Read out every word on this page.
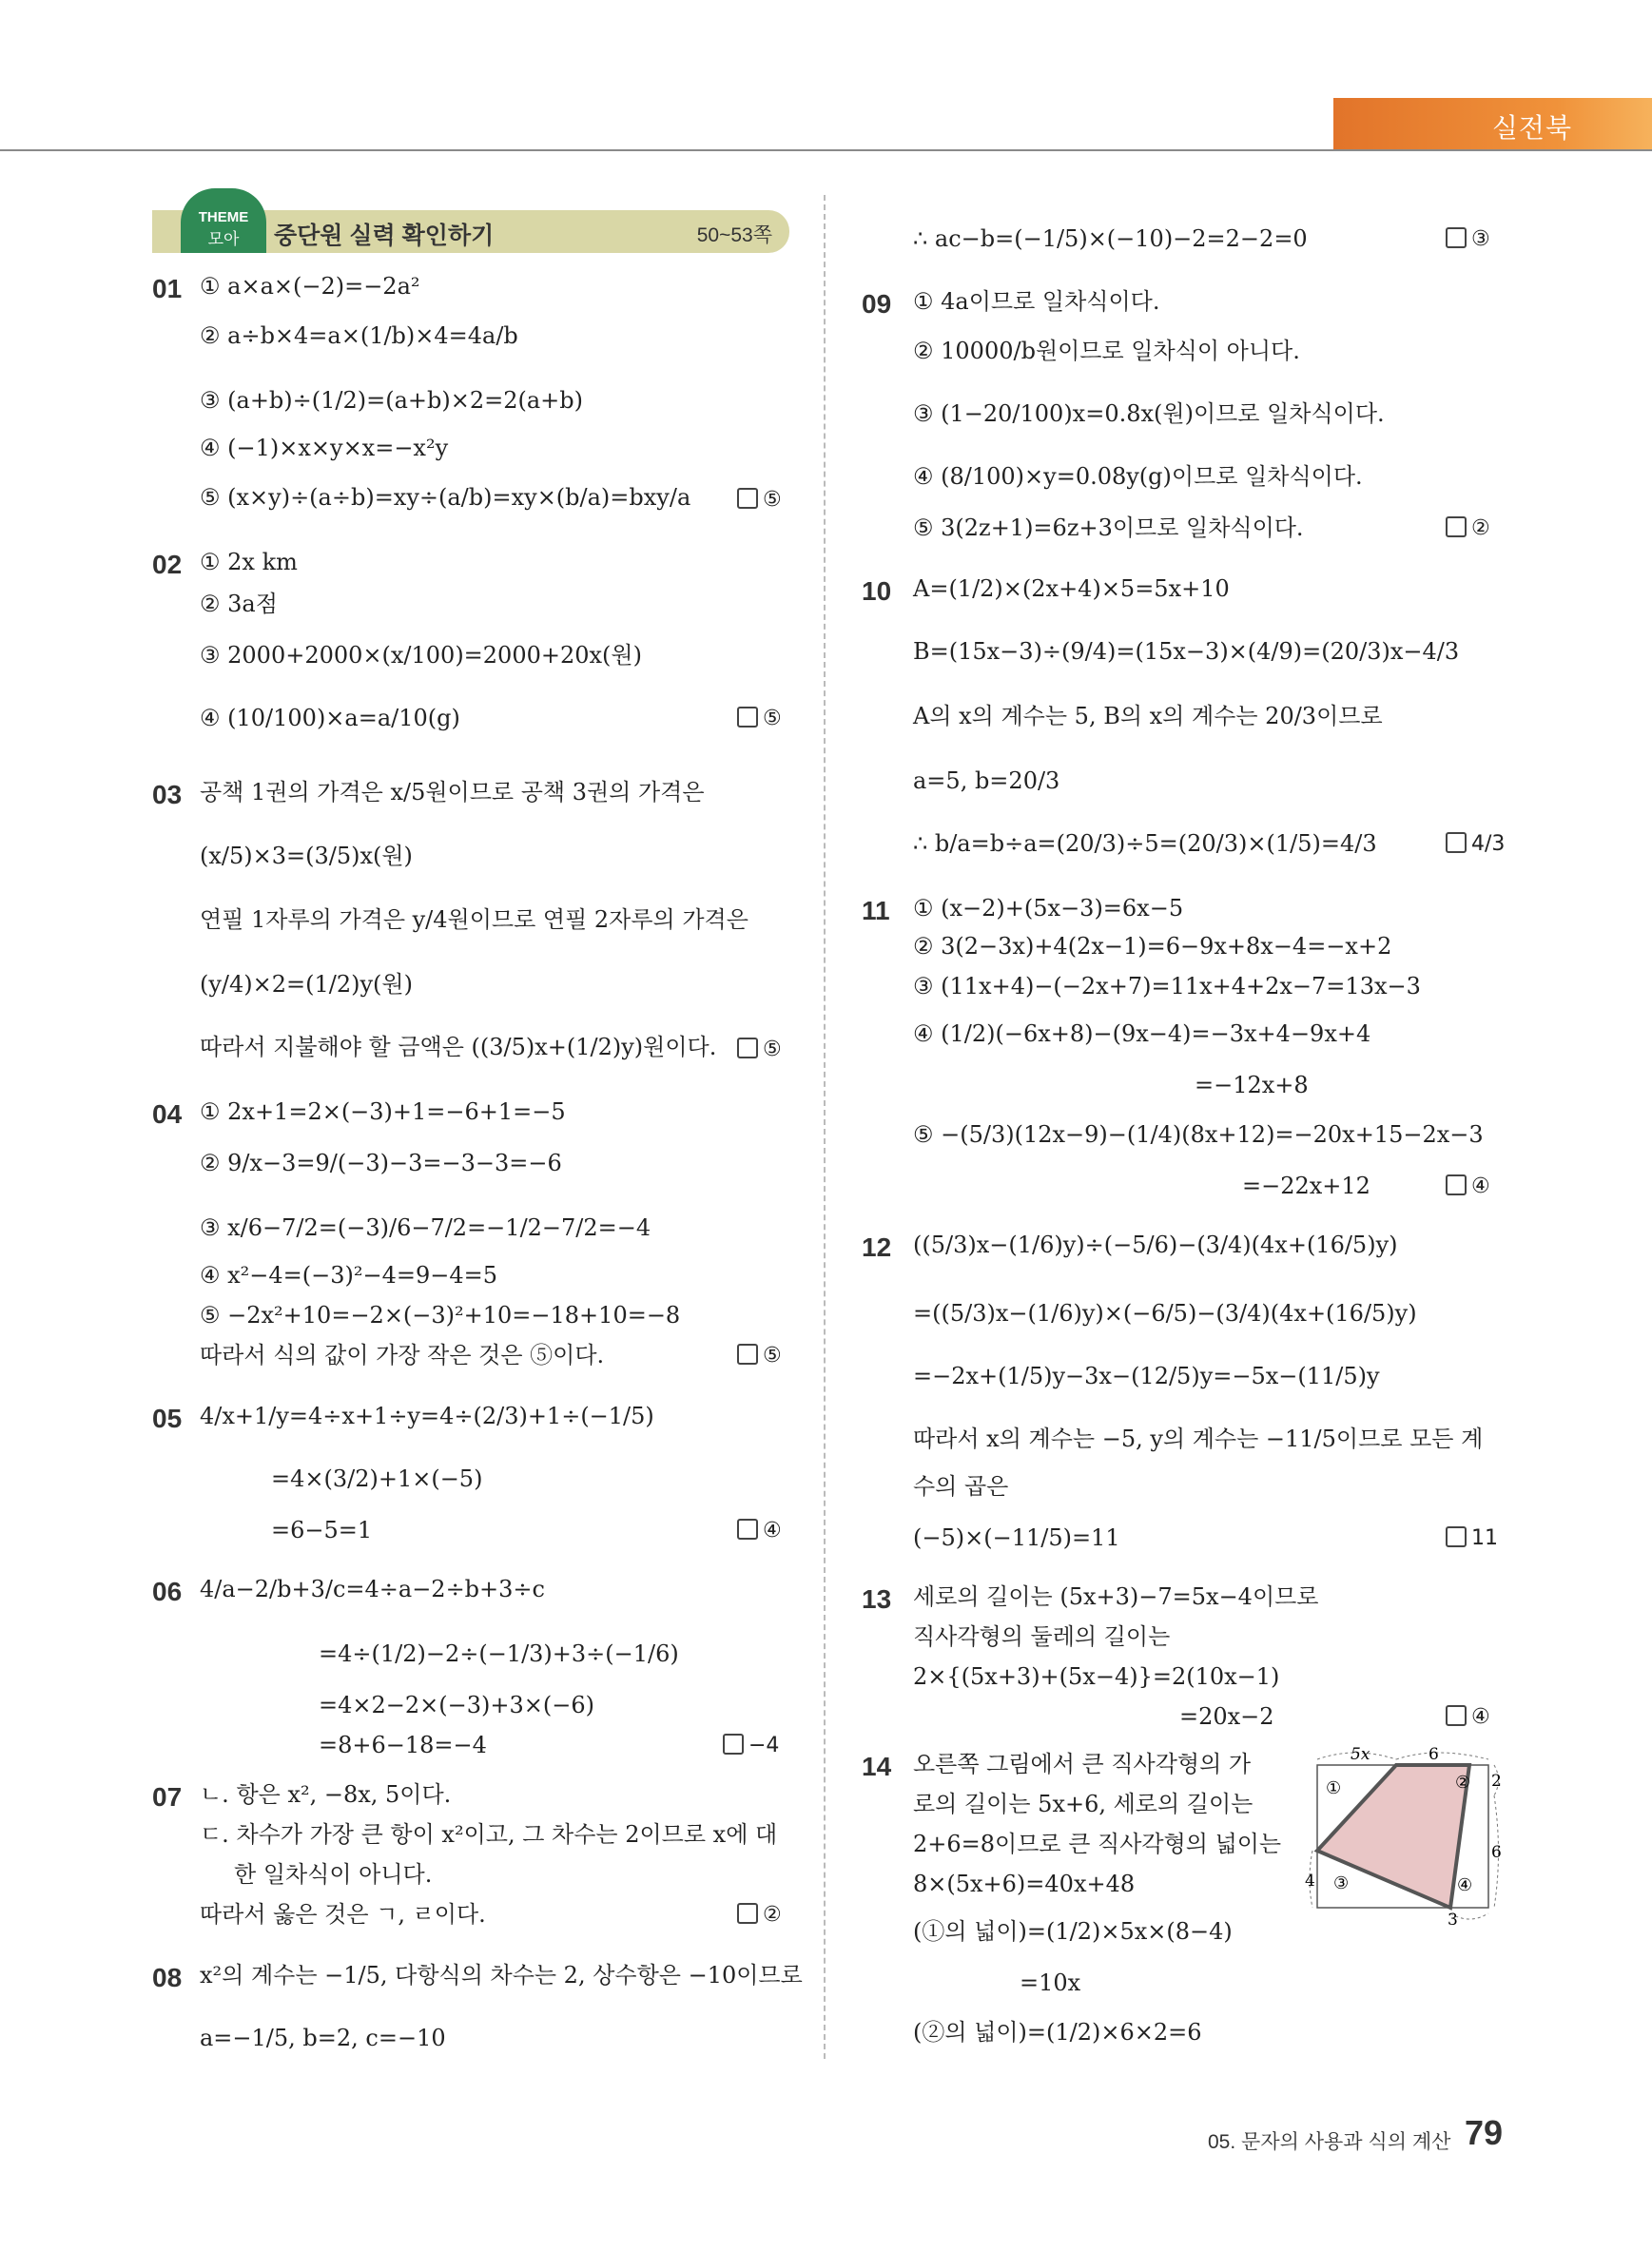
실전북
중단원 실력 확인하기	50~53쪽
THEME
모아
01 ① a×a×(−2)=−2a²
② a÷b×4=a×(1/b)×4=4a/b
③ (a+b)÷(1/2)=(a+b)×2=2(a+b)
④ (−1)×x×y×x=−x²y
⑤ (x×y)÷(a÷b)=xy÷(a/b)=xy×(b/a)=bxy/a	⑤
02 ① 2x km
② 3a점
③ 2000+2000×(x/100)=2000+20x(원)
④ (10/100)×a=a/10(g)	⑤
03 공책 1권의 가격은 x/5원이므로 공책 3권의 가격은
(x/5)×3=(3/5)x(원)
연필 1자루의 가격은 y/4원이므로 연필 2자루의 가격은
(y/4)×2=(1/2)y(원)
따라서 지불해야 할 금액은 ((3/5)x+(1/2)y)원이다.	⑤
04 ① 2x+1=2×(−3)+1=−6+1=−5
② 9/x−3=9/(−3)−3=−3−3=−6
③ x/6−7/2=(−3)/6−7/2=−1/2−7/2=−4
④ x²−4=(−3)²−4=9−4=5
⑤ −2x²+10=−2×(−3)²+10=−18+10=−8
따라서 식의 값이 가장 작은 것은 ⑤이다.	⑤
05 4/x+1/y=4÷x+1÷y=4÷(2/3)+1÷(−1/5)
=4×(3/2)+1×(−5)
=6−5=1	④
06 4/a−2/b+3/c=4÷a−2÷b+3÷c
=4÷(1/2)−2÷(−1/3)+3÷(−1/6)
=4×2−2×(−3)+3×(−6)
=8+6−18=−4	−4
07 ㄴ. 항은 x², −8x, 5이다.
ㄷ. 차수가 가장 큰 항이 x²이고, 그 차수는 2이므로 x에 대
한 일차식이 아니다.
따라서 옳은 것은 ㄱ, ㄹ이다.	②
08 x²의 계수는 −1/5, 다항식의 차수는 2, 상수항은 −10이므로
a=−1/5, b=2, c=−10
∴ ac−b=(−1/5)×(−10)−2=2−2=0	③
09 ① 4a이므로 일차식이다.
② 10000/b원이므로 일차식이 아니다.
③ (1−20/100)x=0.8x(원)이므로 일차식이다.
④ (8/100)×y=0.08y(g)이므로 일차식이다.
⑤ 3(2z+1)=6z+3이므로 일차식이다.	②
10 A=(1/2)×(2x+4)×5=5x+10
B=(15x−3)÷(9/4)=(15x−3)×(4/9)=(20/3)x−4/3
A의 x의 계수는 5, B의 x의 계수는 20/3이므로
a=5, b=20/3
∴ b/a=b÷a=(20/3)÷5=(20/3)×(1/5)=4/3	4/3
11 ① (x−2)+(5x−3)=6x−5
② 3(2−3x)+4(2x−1)=6−9x+8x−4=−x+2
③ (11x+4)−(−2x+7)=11x+4+2x−7=13x−3
④ (1/2)(−6x+8)−(9x−4)=−3x+4−9x+4
=−12x+8
⑤ −(5/3)(12x−9)−(1/4)(8x+12)=−20x+15−2x−3
=−22x+12	④
12 ((5/3)x−(1/6)y)÷(−5/6)−(3/4)(4x+(16/5)y)
=((5/3)x−(1/6)y)×(−6/5)−(3/4)(4x+(16/5)y)
=−2x+(1/5)y−3x−(12/5)y=−5x−(11/5)y
따라서 x의 계수는 −5, y의 계수는 −11/5이므로 모든 계
수의 곱은
(−5)×(−11/5)=11	11
13 세로의 길이는 (5x+3)−7=5x−4이므로
직사각형의 둘레의 길이는
2×{(5x+3)+(5x−4)}=2(10x−1)
=20x−2	④
14 오른쪽 그림에서 큰 직사각형의 가
로의 길이는 5x+6, 세로의 길이는
2+6=8이므로 큰 직사각형의 넓이는
8×(5x+6)=40x+48
(①의 넓이)=(1/2)×5x×(8−4)
=10x
(②의 넓이)=(1/2)×6×2=6
5x	6
2
6
4
3
①	②
③	④
05. 문자의 사용과 식의 계산 79
